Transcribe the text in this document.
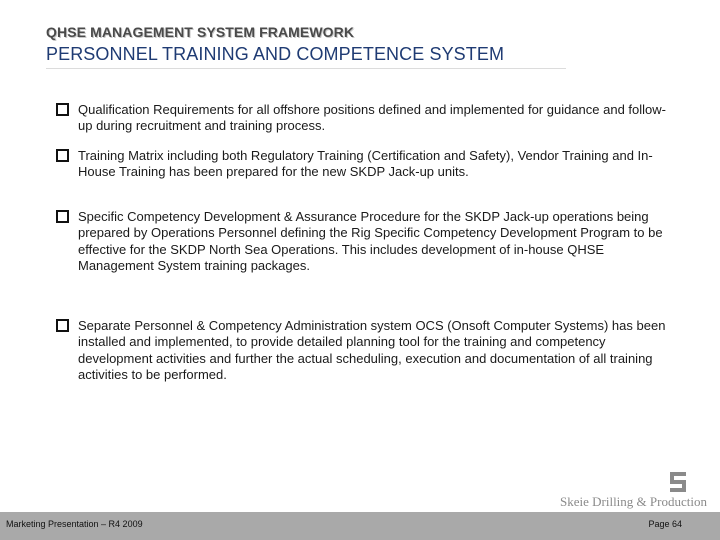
QHSE MANAGEMENT SYSTEM FRAMEWORK
PERSONNEL TRAINING AND COMPETENCE SYSTEM
Qualification Requirements for all offshore positions defined and implemented for guidance and follow-up during recruitment and training process.
Training Matrix including both Regulatory Training (Certification and Safety), Vendor Training and In-House Training has been prepared for the new SKDP Jack-up units.
Specific Competency Development & Assurance Procedure for the SKDP Jack-up operations being prepared by Operations Personnel defining the Rig Specific Competency Development Program to be effective for the SKDP North Sea Operations. This includes development of in-house QHSE Management System training packages.
Separate Personnel & Competency Administration system OCS (Onsoft Computer Systems) has been installed and implemented, to provide detailed planning tool for the training and competency development activities and further the actual scheduling, execution and documentation of all training activities to be performed.
Skeie Drilling & Production
Marketing Presentation – R4 2009	Page 64
